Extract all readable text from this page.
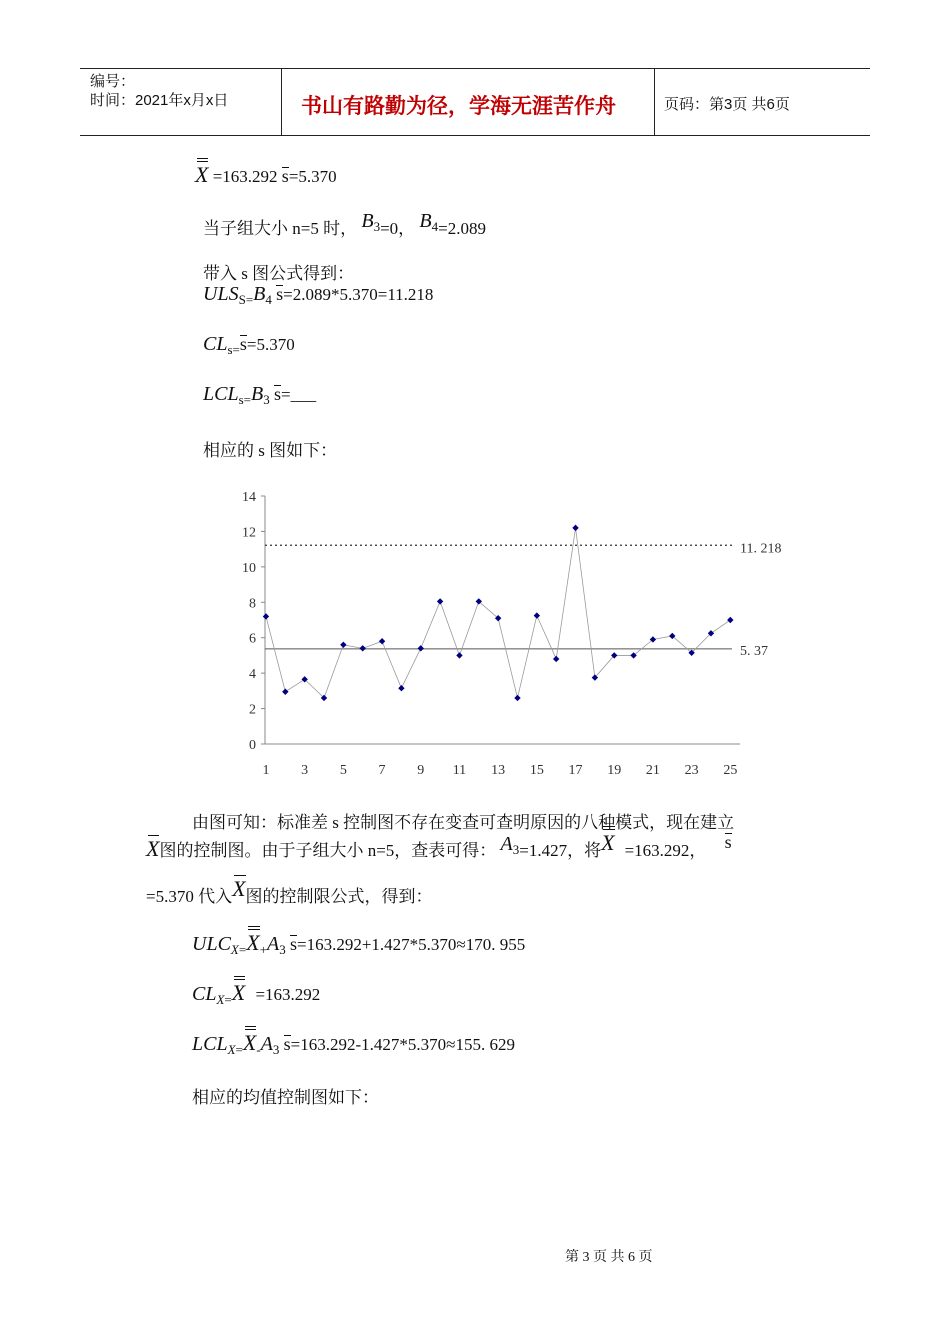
编号：
时间：2021年x月x日	书山有路勤为径，学海无涯苦作舟	页码：第3页 共6页
X =163.292 s=5.370
当子组大小 n=5 时， B3=0， B4=2.089
带入 s 图公式得到：
$ULS_{S=}B_4$ s=2.089*5.370=11.218
$CL_{s=}s=5.370$
$LCL_{s=}B_3$ s=___
相应的 s 图如下：
0
2
4
6
8
10
12
14
1 3 5 7 9 11 13 15 17 19 21 23 25
11. 218
5. 37
由图可知：标准差 s 控制图不存在变查可查明原因的八种模式，现在建立
X图的控制图。由于子组大小 n=5，查表可得： A3=1.427，将X =163.292， s
=5.370 代入X图的控制限公式，得到：
$ULC_{X=}X_+A_3$ s=163.292+1.427*5.370≈170. 955
$CL_{X=}X =163.292$
$LCL_{X=}X_-A_3$ s=163.292-1.427*5.370≈155. 629
相应的均值控制图如下：
第 3 页 共 6 页
